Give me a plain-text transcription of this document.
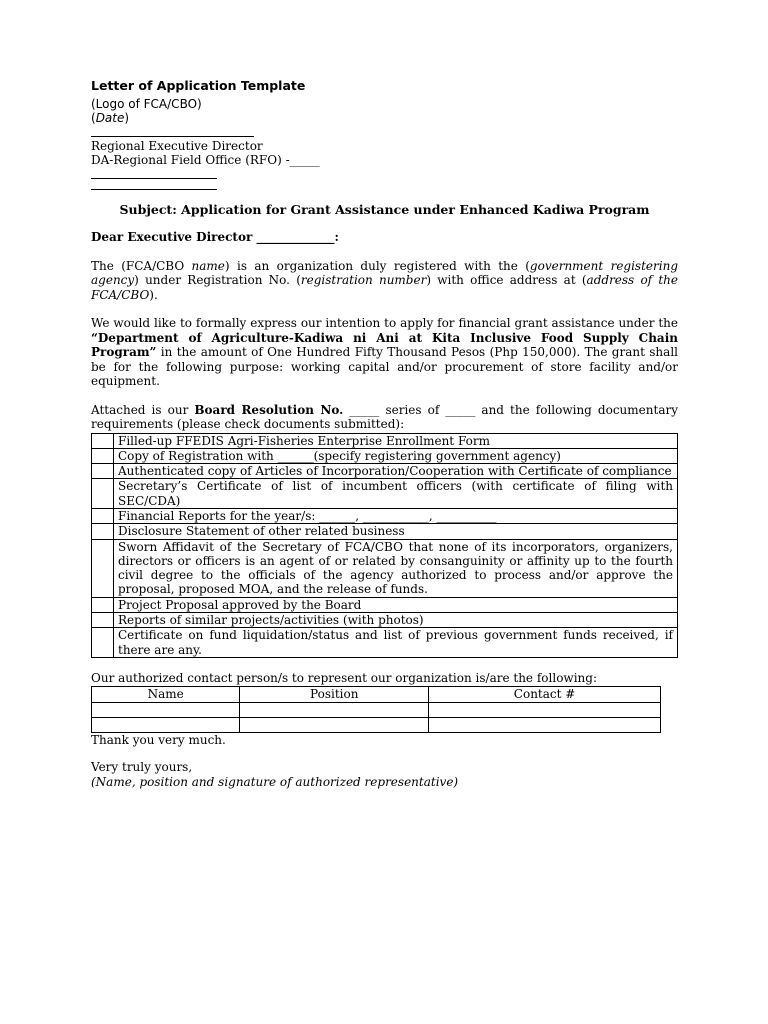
Letter of Application Template
(Logo of FCA/CBO)
(Date)
Regional Executive Director
DA-Regional Field Office (RFO) -_____
Subject: Application for Grant Assistance under Enhanced Kadiwa Program
Dear Executive Director _____________:
The (FCA/CBO name) is an organization duly registered with the (government registering agency) under Registration No. (registration number) with office address at (address of the FCA/CBO).
We would like to formally express our intention to apply for financial grant assistance under the “Department of Agriculture-Kadiwa ni Ani at Kita Inclusive Food Supply Chain Program” in the amount of One Hundred Fifty Thousand Pesos (Php 150,000). The grant shall be for the following purpose: working capital and/or procurement of store facility and/or equipment.
Attached is our Board Resolution No. _____ series of _____ and the following documentary requirements (please check documents submitted):
	Filled-up FFEDIS Agri-Fisheries Enterprise Enrollment Form
	Copy of Registration with ______(specify registering government agency)
	Authenticated copy of Articles of Incorporation/Cooperation with Certificate of compliance
	Secretary’s Certificate of list of incumbent officers (with certificate of filing with SEC/CDA)
	Financial Reports for the year/s: ______, ___________, __________
	Disclosure Statement of other related business
	Sworn Affidavit of the Secretary of FCA/CBO that none of its incorporators, organizers, directors or officers is an agent of or related by consanguinity or affinity up to the fourth civil degree to the officials of the agency authorized to process and/or approve the proposal, proposed MOA, and the release of funds.
	Project Proposal approved by the Board
	Reports of similar projects/activities (with photos)
	Certificate on fund liquidation/status and list of previous government funds received, if there are any.
Our authorized contact person/s to represent our organization is/are the following:
Name	Position	Contact #

Thank you very much.
Very truly yours,
(Name, position and signature of authorized representative)
